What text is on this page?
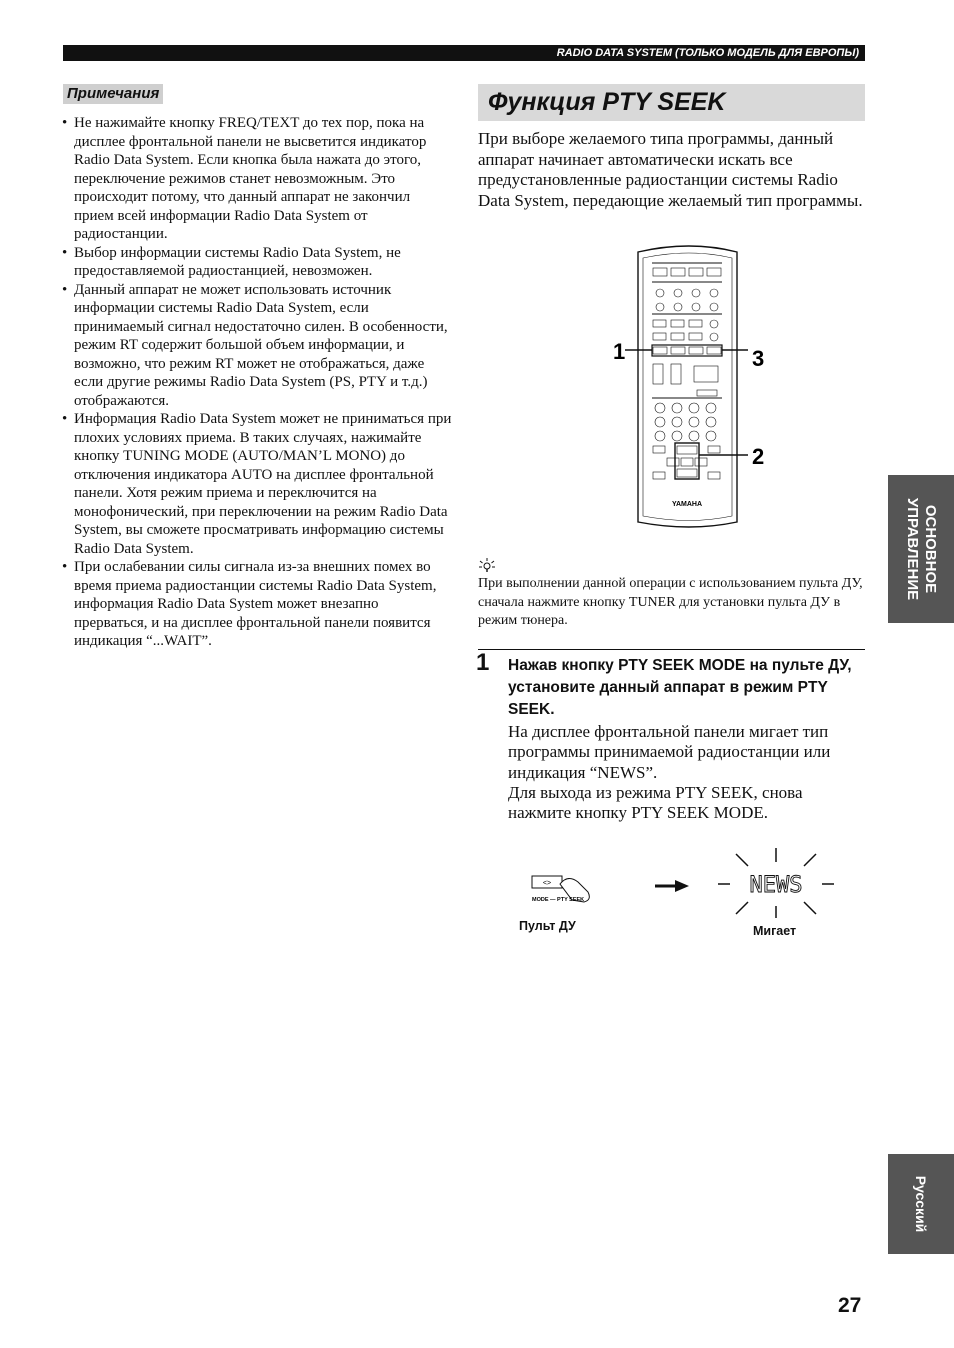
RADIO DATA SYSTEM (ТОЛЬКО МОДЕЛЬ ДЛЯ ЕВРОПЫ)
Примечания
• Не нажимайте кнопку FREQ/TEXT до тех пор, пока на дисплее фронтальной панели не высветится индикатор Radio Data System. Если кнопка была нажата до этого, переключение режимов станет невозможным. Это происходит потому, что данный аппарат не закончил прием всей информации Radio Data System от радиостанции.
• Выбор информации системы Radio Data System, не предоставляемой радиостанцией, невозможен.
• Данный аппарат не может использовать источник информации системы Radio Data System, если принимаемый сигнал недостаточно силен. В особенности, режим RT содержит большой объем информации, и возможно, что режим RT может не отображаться, даже если другие режимы Radio Data System (PS, PTY и т.д.) отображаются.
• Информация Radio Data System может не приниматься при плохих условиях приема. В таких случаях, нажимайте кнопку TUNING MODE (AUTO/MAN’L MONO) до отключения индикатора AUTO на дисплее фронтальной панели. Хотя режим приема и переключится на монофонический, при переключении на режим Radio Data System, вы сможете просматривать информацию системы Radio Data System.
• При ослабевании силы сигнала из-за внешних помех во время приема радиостанции системы Radio Data System, информация Radio Data System может внезапно прерваться, и на дисплее фронтальной панели появится индикация “...WAIT”.
Функция PTY SEEK

При выборе желаемого типа программы, данный аппарат начинает автоматически искать все предустановленные радиостанции системы Radio Data System, передающие желаемый тип программы.

YAMAHA
1	3
2

При выполнении данной операции с использованием пульта ДУ, сначала нажмите кнопку TUNER для установки пульта ДУ в режим тюнера.

1 Нажав кнопку PTY SEEK MODE на пульте ДУ, установите данный аппарат в режим PTY SEEK.

На дисплее фронтальной панели мигает тип программы принимаемой радиостанции или индикация “NEWS”.
Для выхода из режима PTY SEEK, снова нажмите кнопку PTY SEEK MODE.

<>
MODE — PTY SEEK
NEWS
Пульт ДУ	Мигает
ОСНОВНОЕ
УПРАВЛЕНИЕ
Русский
27
